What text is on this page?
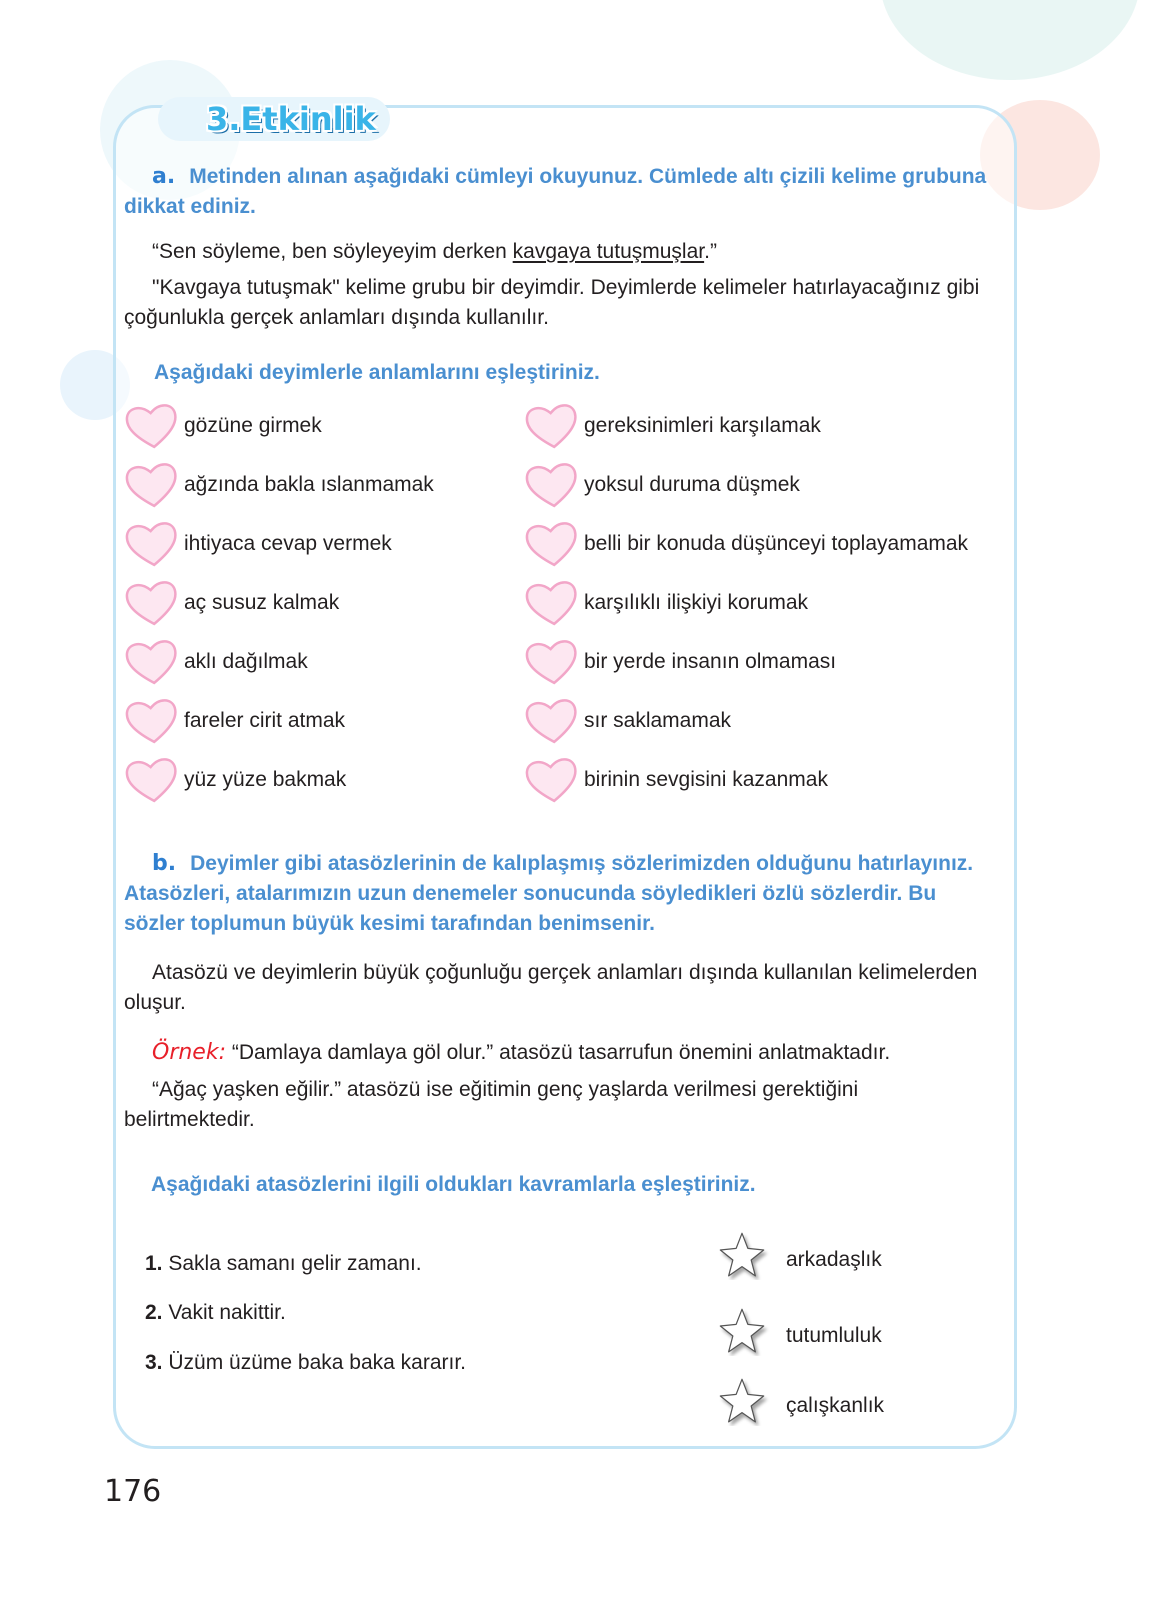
3.Etkinlik
a. Metinden alınan aşağıdaki cümleyi okuyunuz. Cümlede altı çizili kelime grubuna dikkat ediniz.
“Sen söyleme, ben söyleyeyim derken kavgaya tutuşmuşlar.”
"Kavgaya tutuşmak" kelime grubu bir deyimdir. Deyimlerde kelimeler hatırlayacağınız gibi çoğunlukla gerçek anlamları dışında kullanılır.
Aşağıdaki deyimlerle anlamlarını eşleştiriniz.
gözüne girmek	gereksinimleri karşılamak
ağzında bakla ıslanmamak	yoksul duruma düşmek
ihtiyaca cevap vermek	belli bir konuda düşünceyi toplayamamak
aç susuz kalmak	karşılıklı ilişkiyi korumak
aklı dağılmak	bir yerde insanın olmaması
fareler cirit atmak	sır saklamamak
yüz yüze bakmak	birinin sevgisini kazanmak
b. Deyimler gibi atasözlerinin de kalıplaşmış sözlerimizden olduğunu hatırlayınız. Atasözleri, atalarımızın uzun denemeler sonucunda söyledikleri özlü sözlerdir. Bu sözler toplumun büyük kesimi tarafından benimsenir.
Atasözü ve deyimlerin büyük çoğunluğu gerçek anlamları dışında kullanılan kelimelerden oluşur.
Örnek: “Damlaya damlaya göl olur.” atasözü tasarrufun önemini anlatmaktadır.
“Ağaç yaşken eğilir.” atasözü ise eğitimin genç yaşlarda verilmesi gerektiğini belirtmektedir.
Aşağıdaki atasözlerini ilgili oldukları kavramlarla eşleştiriniz.
1. Sakla samanı gelir zamanı.
2. Vakit nakittir.
3. Üzüm üzüme baka baka kararır.
arkadaşlık
tutumluluk
çalışkanlık
176
